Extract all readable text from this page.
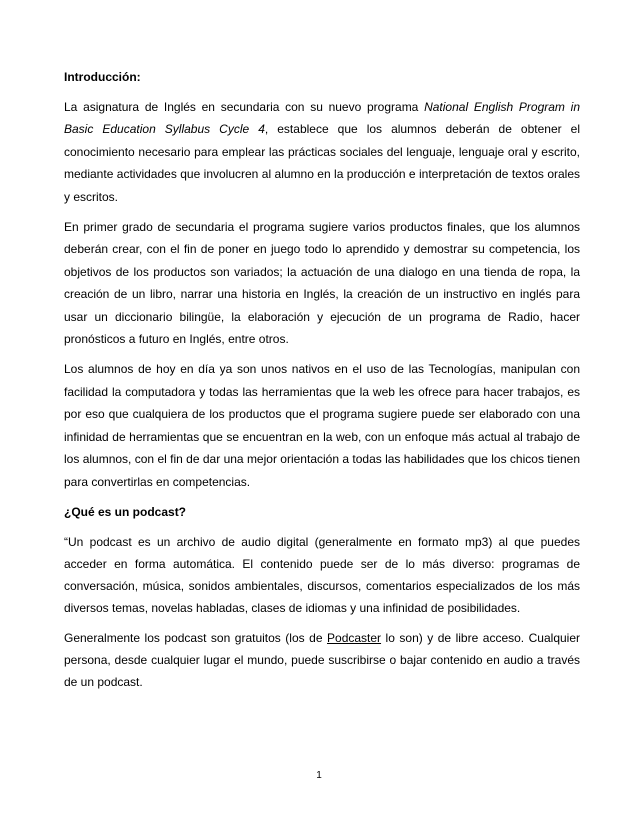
Introducción:

La asignatura de Inglés en secundaria con su nuevo programa National English Program in Basic Education Syllabus Cycle 4, establece que los alumnos deberán de obtener el conocimiento necesario para emplear las prácticas sociales del lenguaje, lenguaje oral y escrito, mediante actividades que involucren al alumno en la producción e interpretación de textos orales y escritos.

En primer grado de secundaria el programa sugiere varios productos finales, que los alumnos deberán crear, con el fin de poner en juego todo lo aprendido y demostrar su competencia, los objetivos de los productos son variados; la actuación de una dialogo en una tienda de ropa, la creación de un libro, narrar una historia en Inglés, la creación de un instructivo en inglés para usar un diccionario bilingüe, la elaboración y ejecución de un programa de Radio, hacer pronósticos a futuro en Inglés, entre otros.

Los alumnos de hoy en día ya son unos nativos en el uso de las Tecnologías, manipulan con facilidad la computadora y todas las herramientas que la web les ofrece para hacer trabajos, es por eso que cualquiera de los productos que el programa sugiere puede ser elaborado con una infinidad de herramientas que se encuentran en la web, con un enfoque más actual al trabajo de los alumnos, con el fin de dar una mejor orientación a todas las habilidades que los chicos tienen para convertirlas en competencias.

¿Qué es un podcast?

“Un podcast es un archivo de audio digital (generalmente en formato mp3) al que puedes acceder en forma automática. El contenido puede ser de lo más diverso: programas de conversación, música, sonidos ambientales, discursos, comentarios especializados de los más diversos temas, novelas habladas, clases de idiomas y una infinidad de posibilidades.

Generalmente los podcast son gratuitos (los de Podcaster lo son) y de libre acceso. Cualquier persona, desde cualquier lugar el mundo, puede suscribirse o bajar contenido en audio a través de un podcast.

1
